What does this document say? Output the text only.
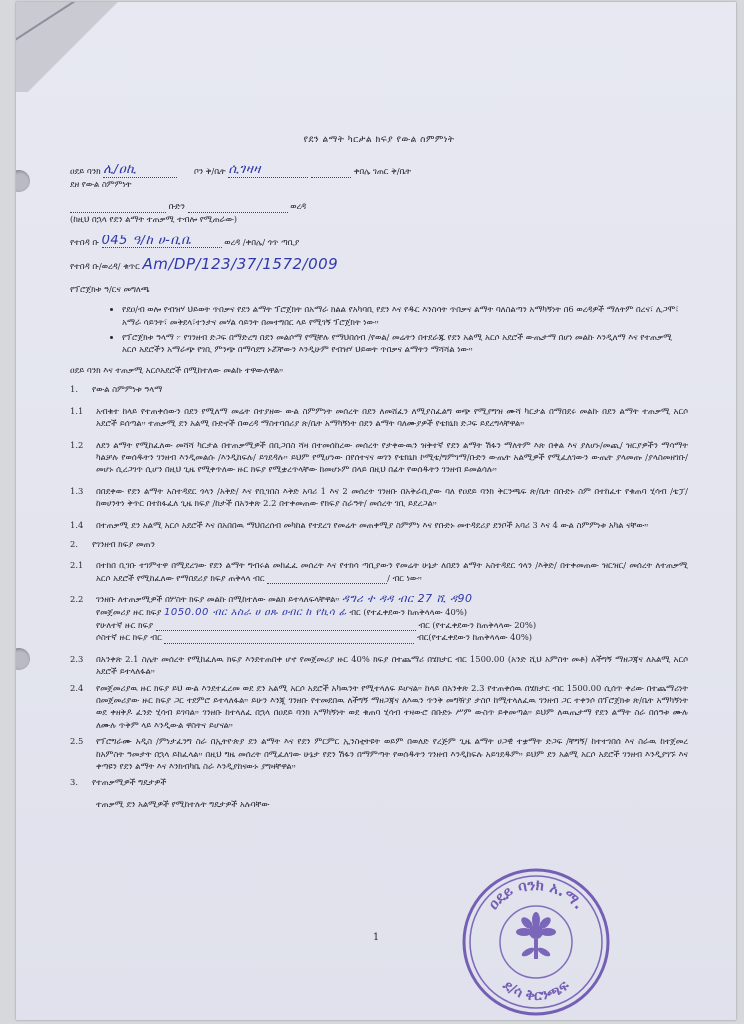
የደን ልማት ካርታል ክፍያ የውል ስምምነት
ዐደይ ባንክ ሊ/ዐኪ	ቦን ቅ/ቤት ሲገዛዛ	ቀበሌ ገጠር ቅ/ቤት
ደዘ የውል ስምምነት
ቡድን	ወረዳ
(ከዚህ በኋላ የደን ልማት ተጠቃሚ ተብሎ የሚጠራው)
የተበዳ ቡ 045 ዓ/ከ ሀ-ቢቤ	ወረዳ /ቀበሌ/ ጎጥ ጣቢያ
የተበዳ ቡ/ወረዳ/ ቁጥር Am/DP/123/37/1572/009
የፕሮጀክቱ ዓ/ርና መግለጫ
• የደዐ/ብ ወሎ የብዝሃ ህይወት ጥበቃና የደን ልማት ፕሮጀክት በአማራ ክልል የአካባቢ የደን እና የዱር እንስሳት ጥበቃና ልማት ባለስልጣን አማካኝነት በ6 ወረዳዎች ማለትም በረና፣ ሊጋሞ፣ አማራ ሳይንት፣ መቅደላ፣ተንታና መሃል ሳይንት በመተግበር ላይ የሚገኝ ፕሮጀክት ነው።
• የፕሮጀክቱ ዓላማ ፦ የገንዘብ ድጋፍ በማድረግ በደን መልሶማ የሚቸሉ የማህበሰብ /የወል/ መሬትን በተደራጁ የደን አልሚ አርሶ አደሮች ውጤታማ በሆነ መልኩ እንዲለማ እና የተጠቃሚ አርሶ አደሮችን አማራጭ የገቢ ምንጭ በማሳደግ ኑሯቸውን እንዲሁም የብዝሃ ህይወት ጥበቃና ልማትን ማሻሻል ነው።
ዐደይ ባንክ እና ተጠቃሚ አርሶአደሮች በሚከተለው መልኩ ተዋውለዋል።
1.	የውል ስምምነቱ ዓላማ
1.1	አብቁተ ከላይ የተጠቀሰውን በደን የሚለማ መሬት በተያዘው ውል ስምምነት መሰረት በደን ለመሸፈን ለሚያስፈልግ ወጭ የሚያግዝ ሙሻ ካርታል በማበደሩ መልኩ በደን ልማት ተጠቃሚ አርሶ አደሮች ይሰጣል። ተጠቃሚ ደን አልሚ ቡድኖች በወረዳ ማስተባበሪያ ጽ/ቤት አማካኝነት በደን ልማት ባለሙያዎች የቴክኒክ ድጋፍ ይደረግላቸዋል።
1.2	ለደን ልማት የሚከፈለው መሻሻ ካርታል በተጠቃሚዎች በቢጋበስ ሻዛ በተመሰከረው መሰረት የታቀውዉን ዝቅተኛ የደን ልማት ሽፋን ማለትም እጽ በቀል እና ያለሆኑ/መጪ/ ዝርያዎችን ማሳማት ካልቻሉ የወሰዱትን ገንዘብ እንዲመልሱ /እንዲከፍሉ/ ይገደዳሉ። ይህም የሚሆነው በየሰተናና ወገን የቴክኒክ ኮሚቴ/ግምገማ/ቡድን ውጤት አልሚዎች የሚፈለገውን ውጤት ያላመጡ /ያላስመዘገቡ/ መሆኑ ሲረጋገጥ ሲሆን በዚህ ጊዜ የሚቀጥለው ዙር ክፍያ የሚቋረጥላቸው ከመሆኑም በላይ በዚህ በፊት የወሰዱትን ገንዘብ ይመልሳሉ።
1.3	በበደቀው የደን ልማት አስተዳደር ጎላን /አቅድ/ እና የቢገበስ እቅድ አባሪ 1 እና 2 መሰረት ገንዘቡ በአቅራቢያው ባለ የዐደይ ባንክ ቅርንጫፍ ጽ/ቤት በቡድኑ ስም በተከፈተ የቁጠባ ሂሳብ /ቴፓ/ ከወሀንትነ ቅጥር በተከፋፈለ ጊዜ ክፍያ /ከታች በአንቀጽ 2.2 በተቀመጠው የክፍያ ስራዓት/ መሰረት ገቢ ይደረጋል።
1.4	በተጠቃሚ ደን አልሚ አርሶ አደሮች እና በአበበዉ ማህበረሰብ መካከል የተደረገ የመሬት መጠቀሚያ ስምምነ እና የቡድኑ መተዳደሪያ ደንቦች አባሪ 3 እና 4 ውል ስምምነቱ አካል ናቸው።
2.	የገንዘብ ክፍያ መጠን
2.1	በተከበ ቢገቡ ተገምተዋ በሚደረገው የደን ልማት ግብሩል መከፈፈ መሰረት እና የተክሳ ጣቢያውን የመሬት ሁኔታ ለበደን ልማት አስተዳደር ጎላን /እቅድ/ በተቀመጠው ዝርዝር/ መሰረት ለተጠቃሚ አርሶ አደሮች የሚከፈለው የማበደሪያ ክፍያ ጠቅላላ ብር	/ ብር ነው።
2.2	ገንዘቡ ለተጠቃሚዎች በሦስት ክፍያ መልኩ በሚከተለው መልክ ይተላለፍላቸዋል። ዳግሪ ተ ዳዳ ብር 27 ሺ ዳ90
የመጀመሪያ ዙር ክፍያ 1050.00 ብር አስራ ሀ ዐጹ ዐብር ከ የኪሳ ፊ ብር (የተፈቀደውን ከጠቅላላው 40%)
የሁለተኛ ዙር ክፍያ	ብር (የተፈቀደውን ከጠቅላላው 20%)
ሶስተኛ ዙር ክፍያ ብር	ብር(የተፈቀደውን ከጠቅላላው 40%)
2.3	በአንቀጽ 2.1 ስሌት መሰረት የሚከፈለዉ ክፍያ እንደተጠበቀ ሆኖ የመጀመሪያ ዙር 40% ክፍያ በተጨማሪ በሄክታር ብር 1500.00 (አንድ ሺህ አምስት መቶ) ለችግኝ ማዘጋጃና ለአልሚ አርሶ አደሮች ይተላለፋል።
2.4	የመጀመሪያዉ ዙር ክፍያ ይህ ውል እንደተፈረመ ወደ ደን አልሚ አርሶ አደሮች አካዉንት የሚተላለፍ ይሆናል። ከላይ በአንቀጽ 2.3 የተጠቀሰዉ በሄክታር ብር 1500.00 ሲሰጥ ቀሪው በተጨማሪነት በመጀመሪያው ዙር ክፍያ ጋር ተደምሮ ይተላለፋል። ይሁን እንጂ ገንዘቡ የተመደበዉ ለችግኝ ማዘጋጃና ለእዉን ጥንቅ መግዥያ ታስቦ ከሚተላለፈዉ ገንዘብ ጋር ተቀንሶ በፕሮጀክቱ ጽ/ቤት አማካኝነት ወደ ቀዘቅዶ ፈንድ ሂሳብ ይገባል። ገንዘቡ ከተላለፈ በኋላ በዐደይ ባንክ አማካኝነት ወደ ቁጠባ ሂሳብ ተዛውሮ በቡድኑ ሥም ውስጥ ይቀመጣል። ይህም ለዉጤታማ የደን ልማት ስራ በሰዓቱ ሙሉ ለሙሉ ጥቅም ላይ እንዲውል ዋስትና ይሆናል።
2.5	የፕሮግራሙ አዲስ /ምነታፈንግ ስራ በኢትዮጵያ ደን ልማት እና የደን ምርምር ኢንስቲትዩት ወይም በወለድ የረጅም ጊዜ ልማት ሀጋዊ ተቋማት ድጋፍ /ቸግኝ/ ከተተገበሰ እና ስራዉ ከተጀመረ ከአምስት ዓመታት በኋላ ይከፈላል። በዚህ ግዜ መሰረት በሚፈለገው ሁኔታ የደን ሽፋን በማምጣት የወሰዱትን ገንዘብ እንዲከፍሉ አይገደዱም። ይህም ደን አልሚ አርሶ አደሮች ገንዘብ እንዲያገኙ እና ቀጣዩን የደን ልማት እና እንክብካቤ ስራ እንዲያከናውኑ ያግዛቸዋል።
3.	የተጠቃሚዎች ግዴታዎች
ተጠቃሚ ደን አልሚዎች የሚከተሉት ግዴታዎች አሉባቸው
1
ዐደይ ባንክ አ.ማ.
ደ/ሳ ቅርንጫፍ
